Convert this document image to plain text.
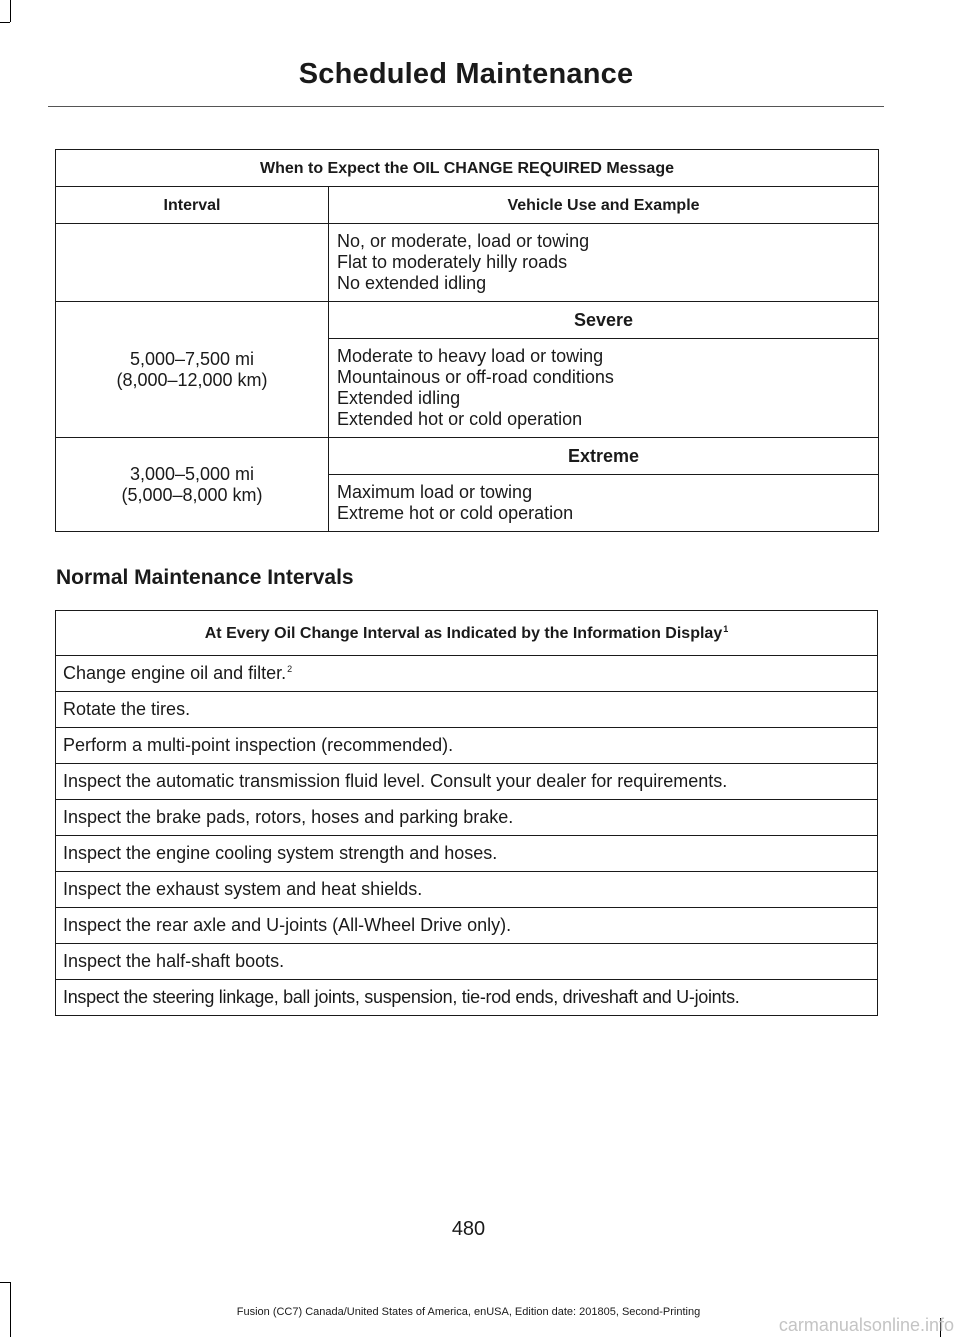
Scheduled Maintenance
When to Expect the OIL CHANGE REQUIRED Message	
Interval	Vehicle Use and Example

	No, or moderate, load or towing
Flat to moderately hilly roads
No extended idling

5,000–7,500 mi
(8,000–12,000 km)	Severe

	Moderate to heavy load or towing
Mountainous or off-road conditions
Extended idling
Extended hot or cold operation

3,000–5,000 mi
(5,000–8,000 km)	Extreme

	Maximum load or towing
Extreme hot or cold operation
Normal Maintenance Intervals
At Every Oil Change Interval as Indicated by the Information Display$^1$
Change engine oil and filter.$^2$
Rotate the tires.
Perform a multi-point inspection (recommended).
Inspect the automatic transmission fluid level. Consult your dealer for requirements.
Inspect the brake pads, rotors, hoses and parking brake.
Inspect the engine cooling system strength and hoses.
Inspect the exhaust system and heat shields.
Inspect the rear axle and U-joints (All-Wheel Drive only).
Inspect the half-shaft boots.
Inspect the steering linkage, ball joints, suspension, tie-rod ends, driveshaft and U-joints.
480
Fusion (CC7) Canada/United States of America, enUSA, Edition date: 201805, Second-Printing
carmanualsonline.info
